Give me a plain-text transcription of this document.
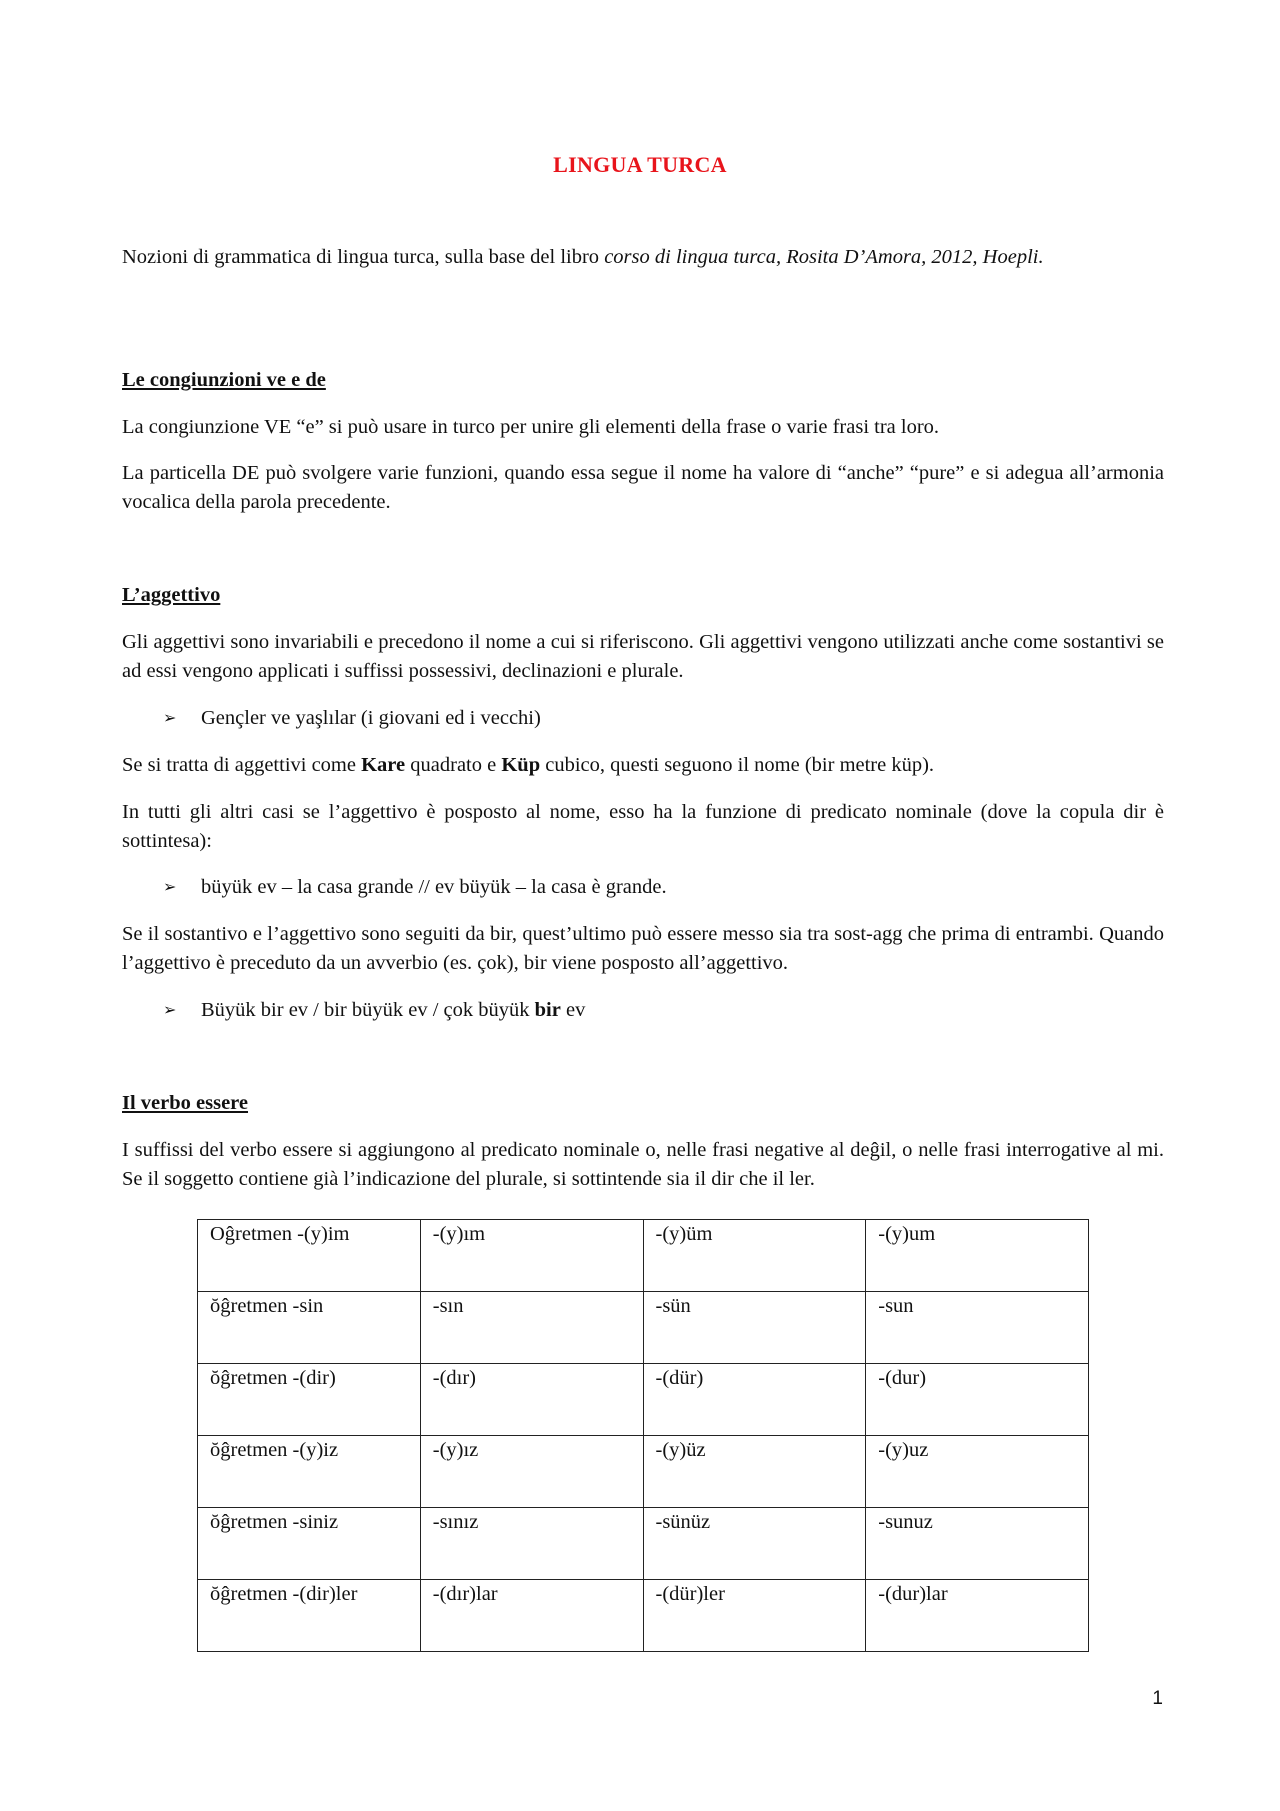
LINGUA TURCA

Nozioni di grammatica di lingua turca, sulla base del libro corso di lingua turca, Rosita D’Amora, 2012, Hoepli.

Le congiunzioni ve e de

La congiunzione VE “e” si può usare in turco per unire gli elementi della frase o varie frasi tra loro.

La particella DE può svolgere varie funzioni, quando essa segue il nome ha valore di “anche” “pure” e si adegua all’armonia vocalica della parola precedente.

L’aggettivo

Gli aggettivi sono invariabili e precedono il nome a cui si riferiscono. Gli aggettivi vengono utilizzati anche come sostantivi se ad essi vengono applicati i suffissi possessivi, declinazioni e plurale.

➢	Gençler ve yaşlılar (i giovani ed i vecchi)

Se si tratta di aggettivi come Kare quadrato e Küp cubico, questi seguono il nome (bir metre küp).

In tutti gli altri casi se l’aggettivo è posposto al nome, esso ha la funzione di predicato nominale (dove la copula dir è sottintesa):

➢	büyük ev – la casa grande // ev büyük – la casa è grande.

Se il sostantivo e l’aggettivo sono seguiti da bir, quest’ultimo può essere messo sia tra sost-agg che prima di entrambi. Quando l’aggettivo è preceduto da un avverbio (es. çok), bir viene posposto all’aggettivo.

➢	Büyük bir ev / bir büyük ev / çok büyük bir ev
Il verbo essere

I suffissi del verbo essere si aggiungono al predicato nominale o, nelle frasi negative al deĝil, o nelle frasi interrogative al mi. Se il soggetto contiene già l’indicazione del plurale, si sottintende sia il dir che il ler.

Oĝretmen -(y)im	-(y)ım	-(y)üm	-(y)um
ŏĝretmen -sin	-sın	-sün	-sun
ŏĝretmen -(dir)	-(dır)	-(dür)	-(dur)
ŏĝretmen -(y)iz	-(y)ız	-(y)üz	-(y)uz
ŏĝretmen -siniz	-sınız	-sünüz	-sunuz
ŏĝretmen -(dir)ler	-(dır)lar	-(dür)ler	-(dur)lar
1
